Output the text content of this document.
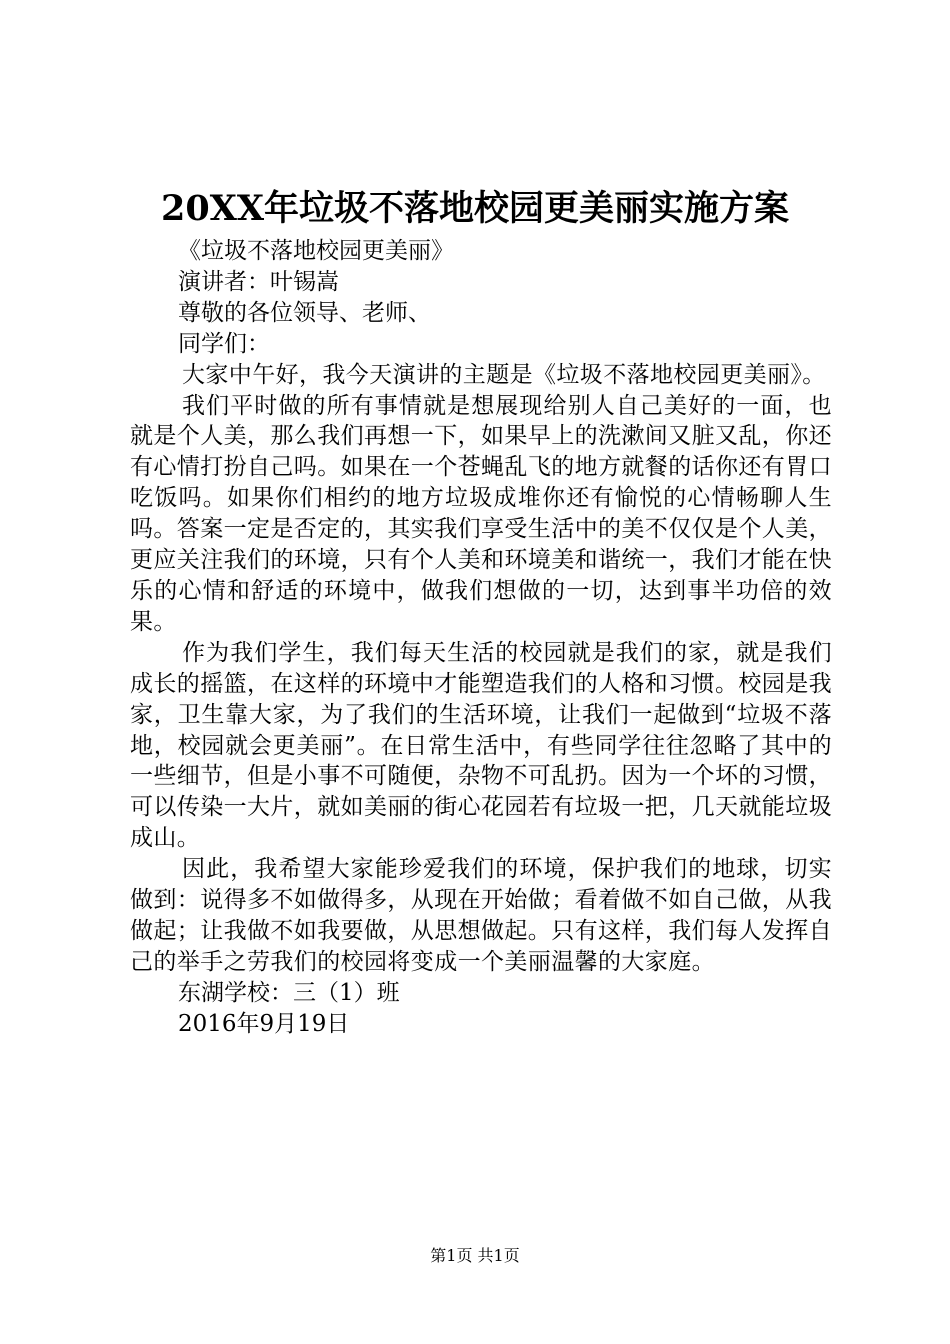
20XX年垃圾不落地校园更美丽实施方案
《垃圾不落地校园更美丽》
演讲者：叶锡嵩
尊敬的各位领导、老师、
同学们：
大家中午好，我今天演讲的主题是《垃圾不落地校园更美丽》。
我们平时做的所有事情就是想展现给别人自己美好的一面，也就是个人美，那么我们再想一下，如果早上的洗漱间又脏又乱，你还有心情打扮自己吗。如果在一个苍蝇乱飞的地方就餐的话你还有胃口吃饭吗。如果你们相约的地方垃圾成堆你还有愉悦的心情畅聊人生吗。答案一定是否定的，其实我们享受生活中的美不仅仅是个人美，更应关注我们的环境，只有个人美和环境美和谐统一，我们才能在快乐的心情和舒适的环境中，做我们想做的一切，达到事半功倍的效果。
作为我们学生，我们每天生活的校园就是我们的家，就是我们成长的摇篮，在这样的环境中才能塑造我们的人格和习惯。校园是我家，卫生靠大家，为了我们的生活环境，让我们一起做到“垃圾不落地，校园就会更美丽”。在日常生活中，有些同学往往忽略了其中的一些细节，但是小事不可随便，杂物不可乱扔。因为一个坏的习惯，可以传染一大片，就如美丽的街心花园若有垃圾一把，几天就能垃圾成山。
因此，我希望大家能珍爱我们的环境，保护我们的地球，切实做到：说得多不如做得多，从现在开始做；看着做不如自己做，从我做起；让我做不如我要做，从思想做起。只有这样，我们每人发挥自己的举手之劳我们的校园将变成一个美丽温馨的大家庭。
东湖学校：三（1）班
2016年9月19日
第1页 共1页
